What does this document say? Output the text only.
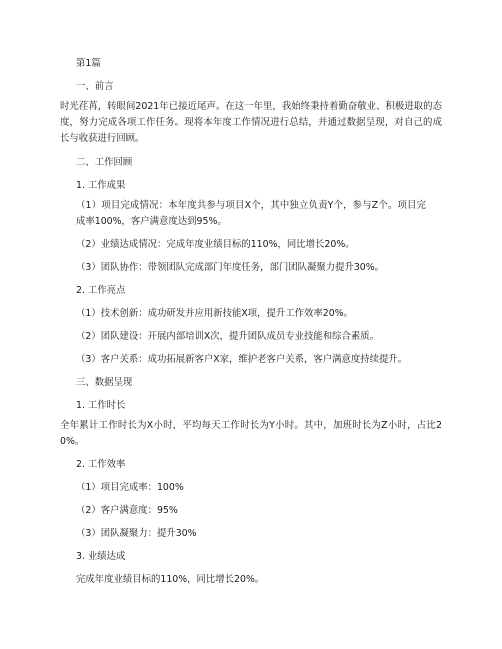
第1篇
一、前言
时光荏苒，转眼间2021年已接近尾声。在这一年里，我始终秉持着勤奋敬业、积极进取的态度，努力完成各项工作任务。现将本年度工作情况进行总结，并通过数据呈现，对自己的成长与收获进行回顾。
二、工作回顾
1. 工作成果
（1）项目完成情况：本年度共参与项目X个，其中独立负责Y个，参与Z个。项目完成率100%，客户满意度达到95%。
（2）业绩达成情况：完成年度业绩目标的110%，同比增长20%。
（3）团队协作：带领团队完成部门年度任务，部门团队凝聚力提升30%。
2. 工作亮点
（1）技术创新：成功研发并应用新技能X项，提升工作效率20%。
（2）团队建设：开展内部培训X次，提升团队成员专业技能和综合素质。
（3）客户关系：成功拓展新客户X家，维护老客户关系，客户满意度持续提升。
三、数据呈现
1. 工作时长
全年累计工作时长为X小时，平均每天工作时长为Y小时。其中，加班时长为Z小时，占比20%。
2. 工作效率
（1）项目完成率：100%
（2）客户满意度：95%
（3）团队凝聚力：提升30%
3. 业绩达成
完成年度业绩目标的110%，同比增长20%。
